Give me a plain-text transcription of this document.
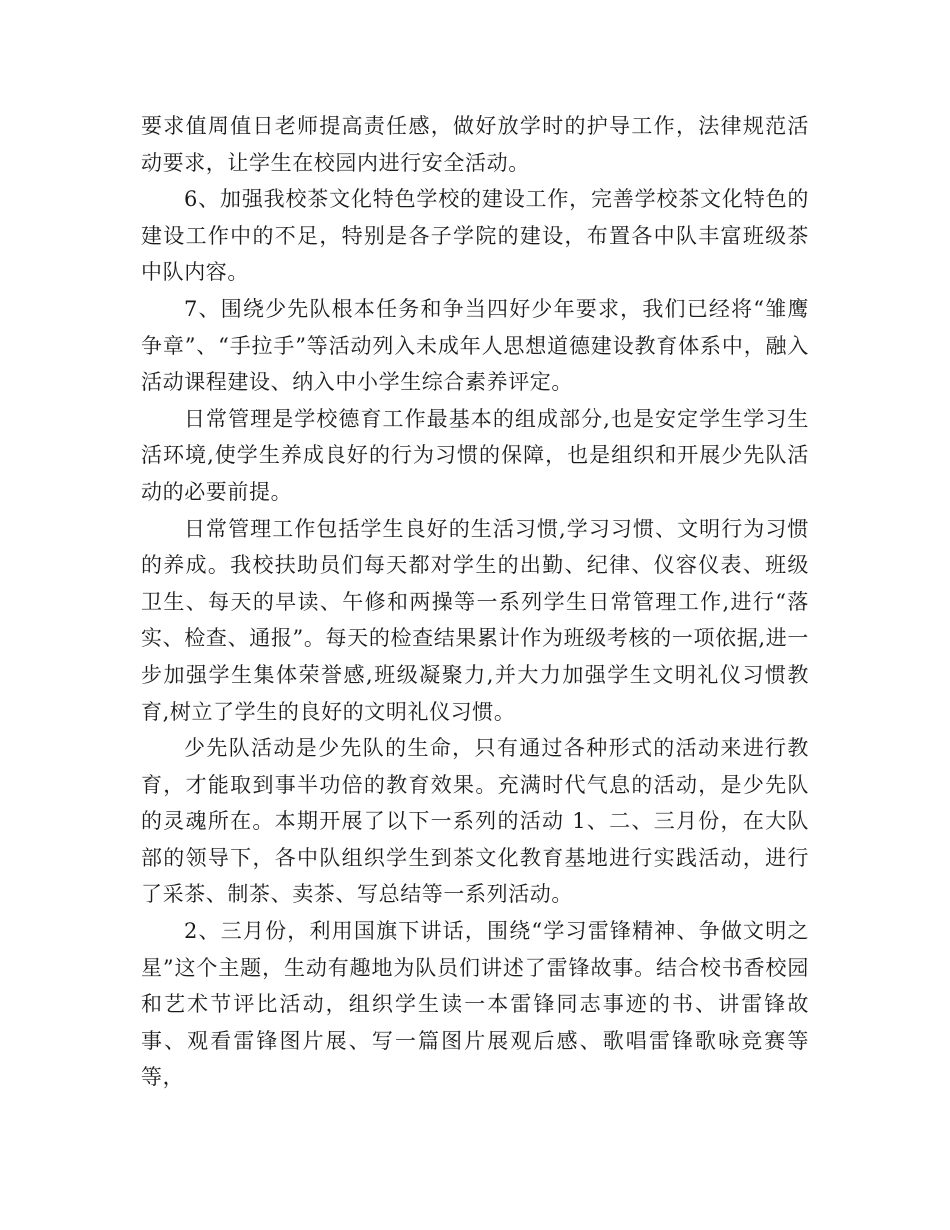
要求值周值日老师提高责任感，做好放学时的护导工作，法律规范活动要求，让学生在校园内进行安全活动。

6、加强我校茶文化特色学校的建设工作，完善学校茶文化特色的建设工作中的不足，特别是各子学院的建设，布置各中队丰富班级茶中队内容。

7、围绕少先队根本任务和争当四好少年要求，我们已经将“雏鹰争章”、“手拉手”等活动列入未成年人思想道德建设教育体系中，融入活动课程建设、纳入中小学生综合素养评定。

日常管理是学校德育工作最基本的组成部分,也是安定学生学习生活环境,使学生养成良好的行为习惯的保障，也是组织和开展少先队活动的必要前提。

日常管理工作包括学生良好的生活习惯,学习习惯、文明行为习惯的养成。我校扶助员们每天都对学生的出勤、纪律、仪容仪表、班级卫生、每天的早读、午修和两操等一系列学生日常管理工作,进行“落实、检查、通报”。每天的检查结果累计作为班级考核的一项依据,进一步加强学生集体荣誉感,班级凝聚力,并大力加强学生文明礼仪习惯教育,树立了学生的良好的文明礼仪习惯。

少先队活动是少先队的生命，只有通过各种形式的活动来进行教育，才能取到事半功倍的教育效果。充满时代气息的活动，是少先队的灵魂所在。本期开展了以下一系列的活动 1、二、三月份，在大队部的领导下，各中队组织学生到茶文化教育基地进行实践活动，进行了采茶、制茶、卖茶、写总结等一系列活动。

2、三月份，利用国旗下讲话，围绕“学习雷锋精神、争做文明之星”这个主题，生动有趣地为队员们讲述了雷锋故事。结合校书香校园和艺术节评比活动，组织学生读一本雷锋同志事迹的书、讲雷锋故事、观看雷锋图片展、写一篇图片展观后感、歌唱雷锋歌咏竞赛等等，
